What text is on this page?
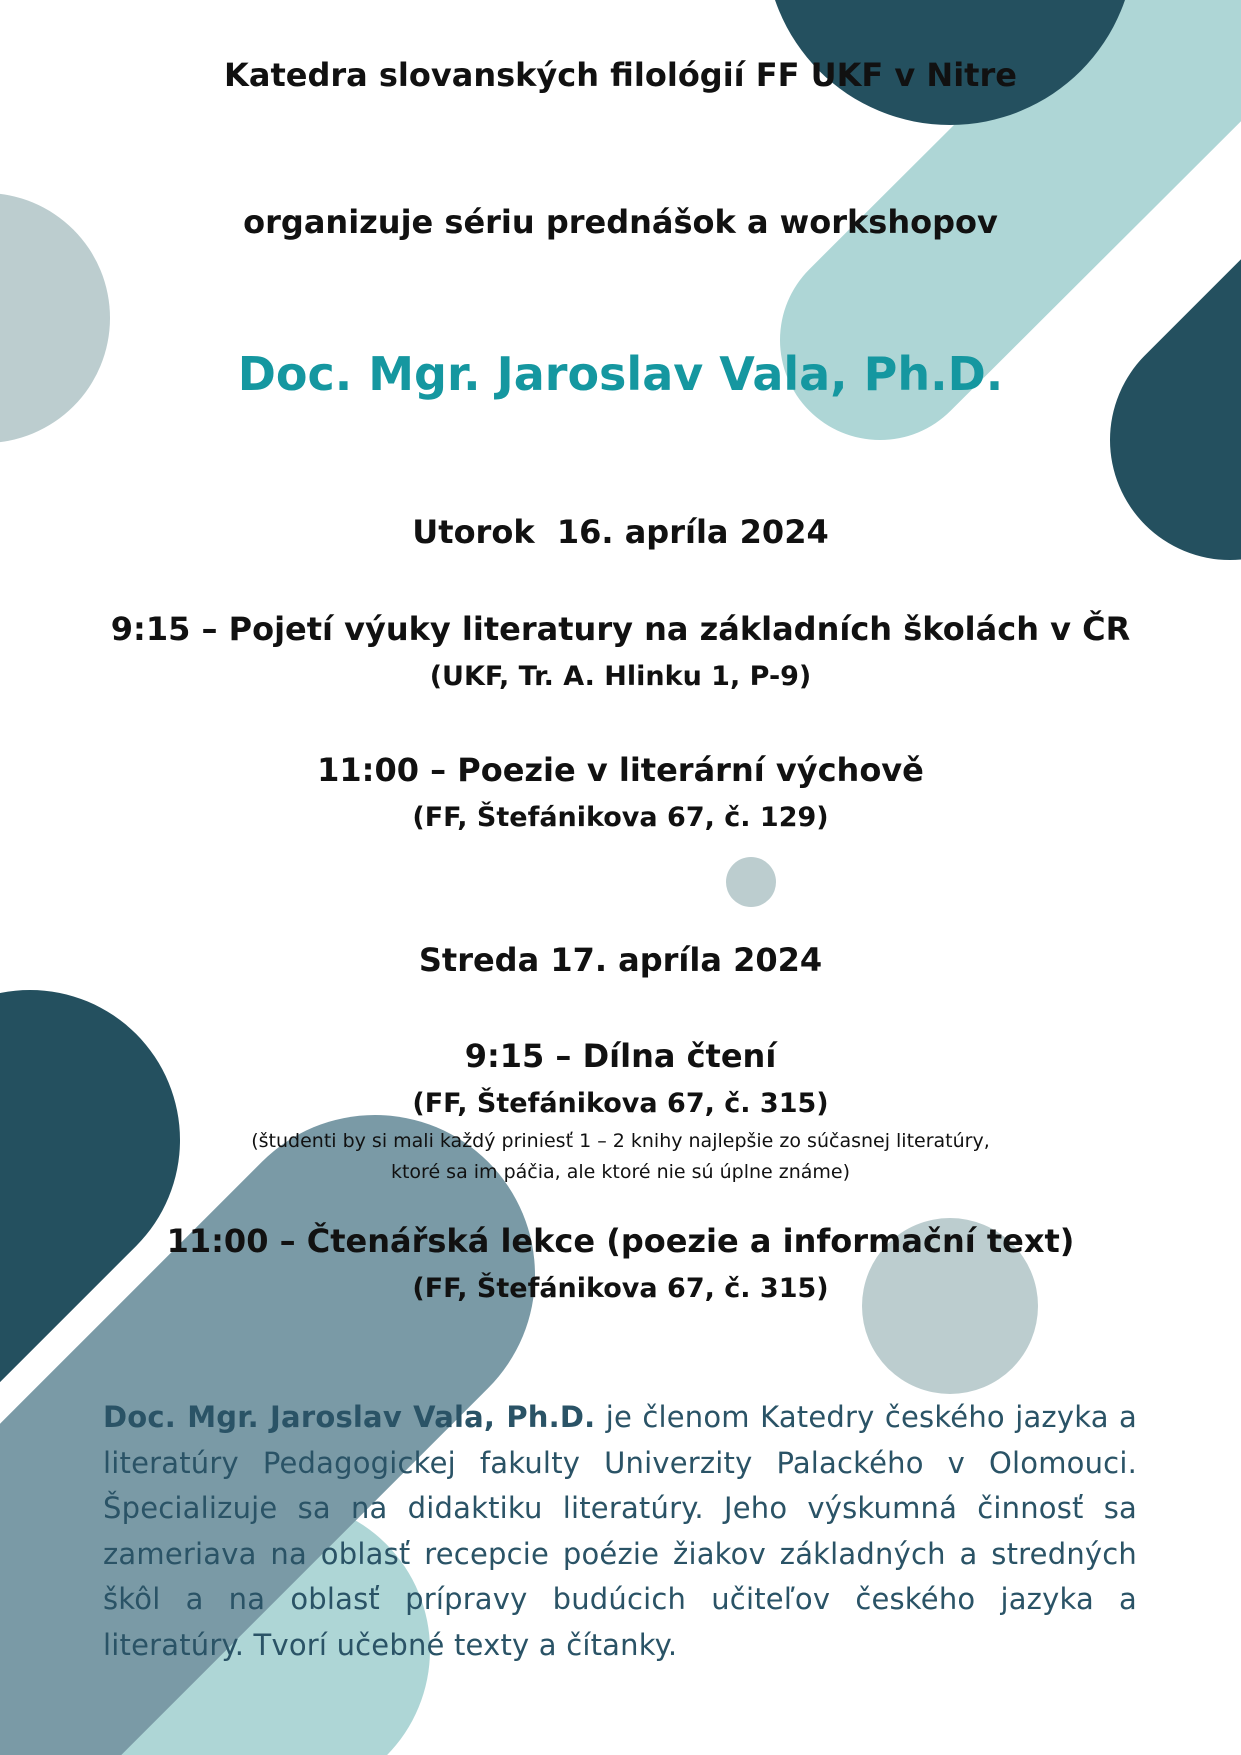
Katedra slovanských filológií FF UKF v Nitre

organizuje sériu prednášok a workshopov

Doc. Mgr. Jaroslav Vala, Ph.D.

Utorok  16. apríla 2024

9:15 – Pojetí výuky literatury na základních školách v ČR

(UKF, Tr. A. Hlinku 1, P-9)

11:00 – Poezie v literární výchově

(FF, Štefánikova 67, č. 129)

Streda 17. apríla 2024

9:15 – Dílna čtení

(FF, Štefánikova 67, č. 315)

(študenti by si mali každý priniesť 1 – 2 knihy najlepšie zo súčasnej literatúry,

ktoré sa im páčia, ale ktoré nie sú úplne známe)

11:00 – Čtenářská lekce (poezie a informační text)

(FF, Štefánikova 67, č. 315)

Doc. Mgr. Jaroslav Vala, Ph.D. je členom Katedry českého jazyka a literatúry Pedagogickej fakulty Univerzity Palackého v Olomouci. Špecializuje sa na didaktiku literatúry. Jeho výskumná činnosť sa zameriava na oblasť recepcie poézie žiakov základných a stredných škôl a na oblasť prípravy budúcich učiteľov českého jazyka a literatúry. Tvorí učebné texty a čítanky.
